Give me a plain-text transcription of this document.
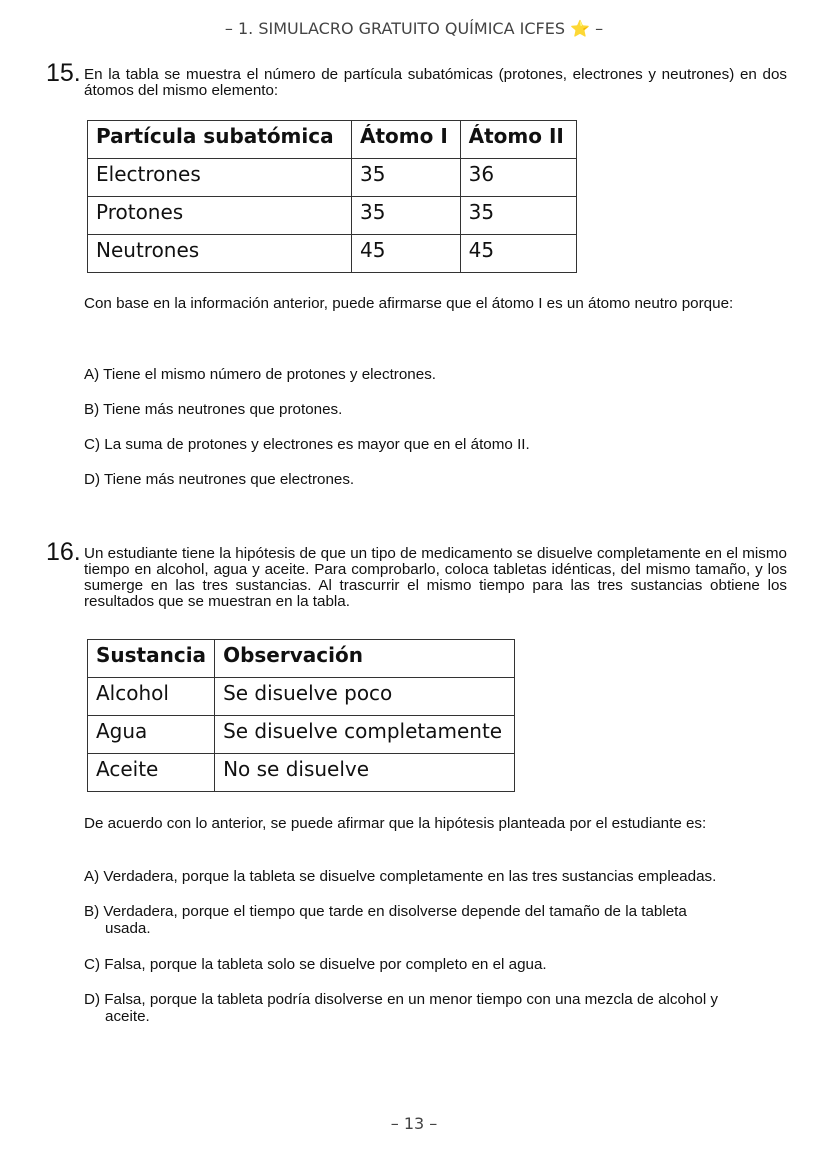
– 1. SIMULACRO GRATUITO QUÍMICA ICFES ⭐ –
15. En la tabla se muestra el número de partícula subatómicas (protones, electrones y neutrones) en dos átomos del mismo elemento:
Partícula subatómica	Átomo I	Átomo II
Electrones	35	36
Protones	35	35
Neutrones	45	45
Con base en la información anterior, puede afirmarse que el átomo I es un átomo neutro porque:
A) Tiene el mismo número de protones y electrones.
B) Tiene más neutrones que protones.
C) La suma de protones y electrones es mayor que en el átomo II.
D) Tiene más neutrones que electrones.
16. Un estudiante tiene la hipótesis de que un tipo de medicamento se disuelve completamente en el mismo tiempo en alcohol, agua y aceite. Para comprobarlo, coloca tabletas idénticas, del mismo tamaño, y los sumerge en las tres sustancias. Al trascurrir el mismo tiempo para las tres sustancias obtiene los resultados que se muestran en la tabla.
Sustancia	Observación
Alcohol	Se disuelve poco
Agua	Se disuelve completamente
Aceite	No se disuelve
De acuerdo con lo anterior, se puede afirmar que la hipótesis planteada por el estudiante es:
A) Verdadera, porque la tableta se disuelve completamente en las tres sustancias empleadas.
B) Verdadera, porque el tiempo que tarde en disolverse depende del tamaño de la tableta
usada.
C) Falsa, porque la tableta solo se disuelve por completo en el agua.
D) Falsa, porque la tableta podría disolverse en un menor tiempo con una mezcla de alcohol y
aceite.
– 13 –
